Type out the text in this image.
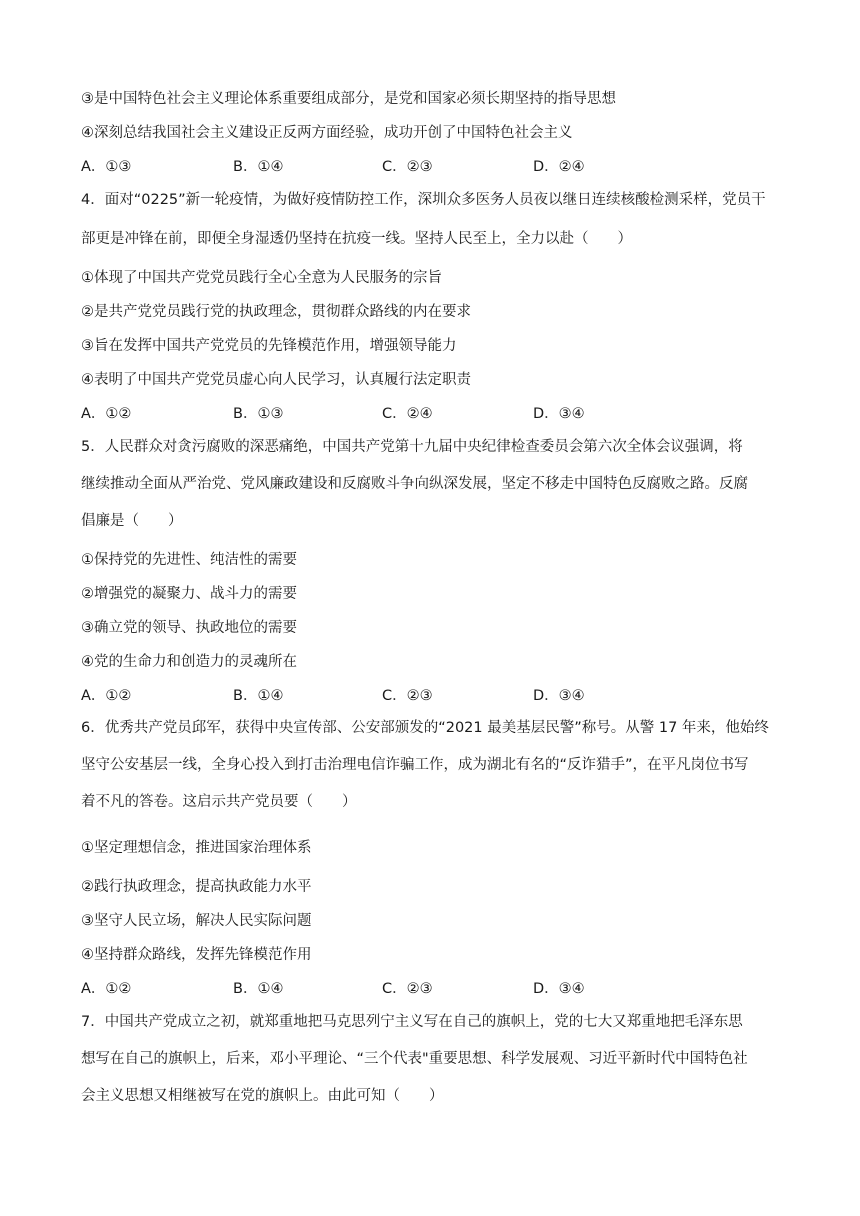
③是中国特色社会主义理论体系重要组成部分，是党和国家必须长期坚持的指导思想
④深刻总结我国社会主义建设正反两方面经验，成功开创了中国特色社会主义
A．①③	B．①④	C．②③	D．②④
4．面对“0225”新一轮疫情，为做好疫情防控工作，深圳众多医务人员夜以继日连续核酸检测采样，党员干
部更是冲锋在前，即便全身湿透仍坚持在抗疫一线。坚持人民至上，全力以赴（　　）
①体现了中国共产党党员践行全心全意为人民服务的宗旨
②是共产党党员践行党的执政理念，贯彻群众路线的内在要求
③旨在发挥中国共产党党员的先锋模范作用，增强领导能力
④表明了中国共产党党员虚心向人民学习，认真履行法定职责
A．①②	B．①③	C．②④	D．③④
5．人民群众对贪污腐败的深恶痛绝，中国共产党第十九届中央纪律检查委员会第六次全体会议强调，将
继续推动全面从严治党、党风廉政建设和反腐败斗争向纵深发展，坚定不移走中国特色反腐败之路。反腐
倡廉是（　　）
①保持党的先进性、纯洁性的需要
②增强党的凝聚力、战斗力的需要
③确立党的领导、执政地位的需要
④党的生命力和创造力的灵魂所在
A．①②	B．①④	C．②③	D．③④
6．优秀共产党员邱军，获得中央宣传部、公安部颁发的“2021 最美基层民警”称号。从警 17 年来，他始终
坚守公安基层一线，全身心投入到打击治理电信诈骗工作，成为湖北有名的“反诈猎手”，在平凡岗位书写
着不凡的答卷。这启示共产党员要（　　）
①坚定理想信念，推进国家治理体系
②践行执政理念，提高执政能力水平
③坚守人民立场，解决人民实际问题
④坚持群众路线，发挥先锋模范作用
A．①②	B．①④	C．②③	D．③④
7．中国共产党成立之初，就郑重地把马克思列宁主义写在自己的旗帜上，党的七大又郑重地把毛泽东思
想写在自己的旗帜上，后来，邓小平理论、“三个代表"重要思想、科学发展观、习近平新时代中国特色社
会主义思想又相继被写在党的旗帜上。由此可知（　　）
